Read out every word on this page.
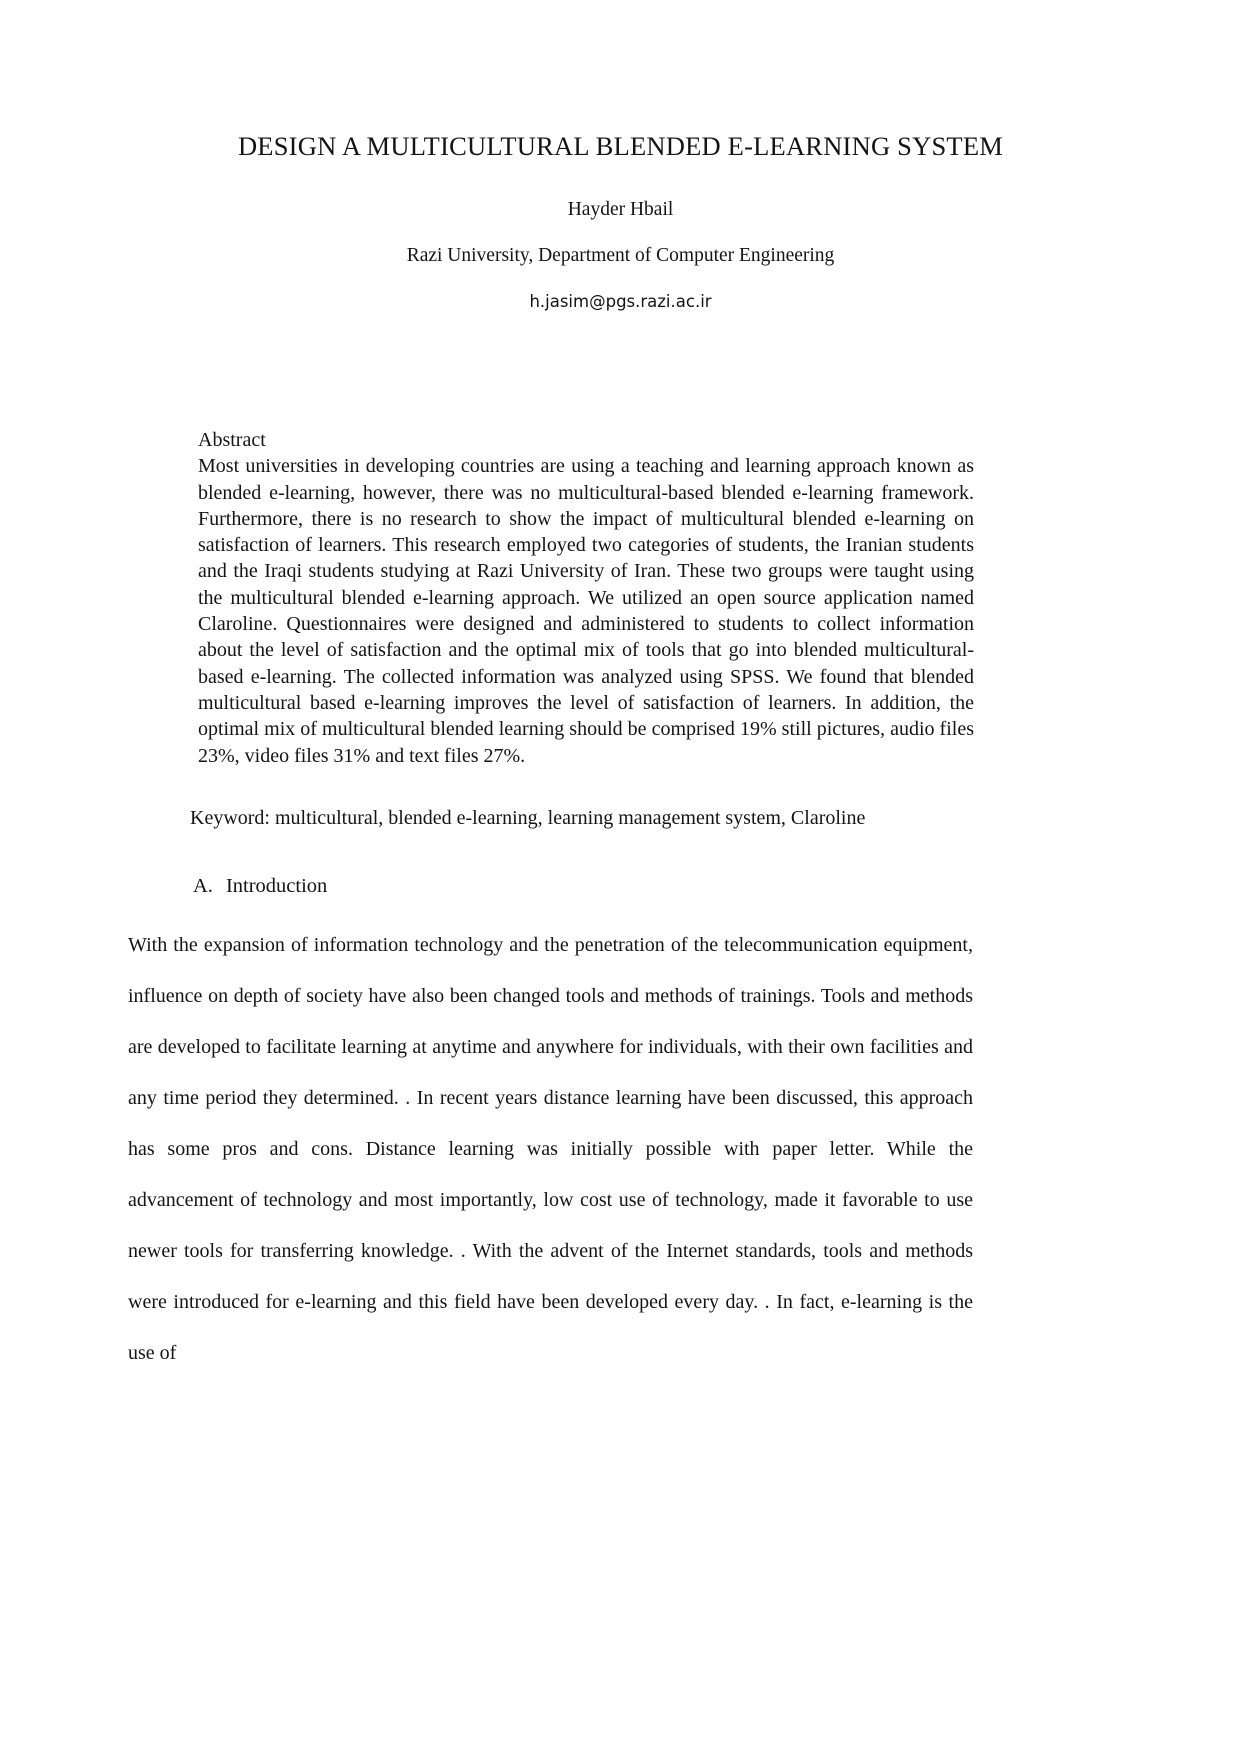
DESIGN A MULTICULTURAL BLENDED E-LEARNING SYSTEM
Hayder Hbail
Razi University, Department of Computer Engineering
h.jasim@pgs.razi.ac.ir
Abstract
Most universities in developing countries are using a teaching and learning approach known as blended e-learning, however, there was no multicultural-based blended e-learning framework. Furthermore, there is no research to show the impact of multicultural blended e-learning on satisfaction of learners. This research employed two categories of students, the Iranian students and the Iraqi students studying at Razi University of Iran. These two groups were taught using the multicultural blended e-learning approach. We utilized an open source application named Claroline. Questionnaires were designed and administered to students to collect information about the level of satisfaction and the optimal mix of tools that go into blended multicultural-based e-learning. The collected information was analyzed using SPSS. We found that blended multicultural based e-learning improves the level of satisfaction of learners. In addition, the optimal mix of multicultural blended learning should be comprised 19% still pictures, audio files 23%, video files 31% and text files 27%.
Keyword: multicultural, blended e-learning, learning management system, Claroline
A. Introduction
With the expansion of information technology and the penetration of the telecommunication equipment, influence on depth of society have also been changed tools and methods of trainings. Tools and methods are developed to facilitate learning at anytime and anywhere for individuals, with their own facilities and any time period they determined. . In recent years distance learning have been discussed, this approach has some pros and cons. Distance learning was initially possible with paper letter. While the advancement of technology and most importantly, low cost use of technology, made it favorable to use newer tools for transferring knowledge. . With the advent of the Internet standards, tools and methods were introduced for e-learning and this field have been developed every day. . In fact, e-learning is the use of
